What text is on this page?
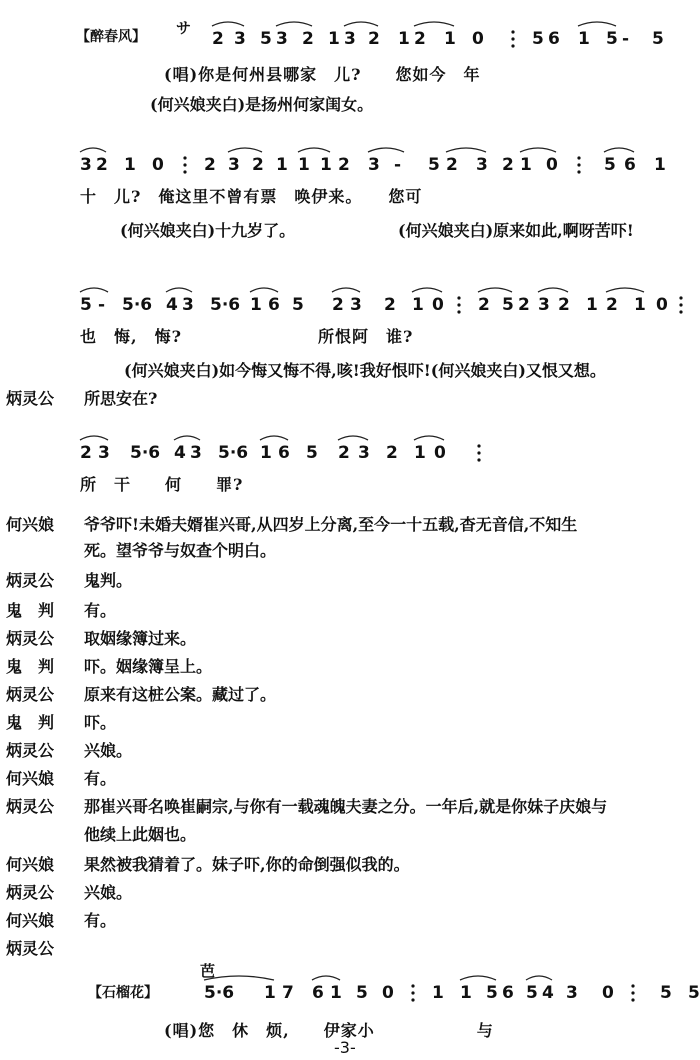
【醉春风】 サ
2 3 5 3 2 1 3 2 1 2 1 0	5 6 1 5 - 5
(唱)你是何州县哪家　儿?　　您如今　年
(何兴娘夹白)是扬州何家闺女。
3 2 1 0 2 3 2 1 1 1 2 3 - 5 2 3 2 1 0	5 6 1
十　儿?　俺这里不曾有票　唤伊来。　　您可
(何兴娘夹白)十九岁了。	(何兴娘夹白)原来如此,啊呀苦吓!
5 - 5·6 4 3 5·6 1 6 5 2 3 2 1 0 2 5 2 3 2 1 2 1 0
也　悔,　悔?　　　　　　　　所恨阿　谁?
(何兴娘夹白)如今悔又悔不得,咳!我好恨吓!(何兴娘夹白)又恨又想。
炳灵公	所思安在?
2 3 5·6 4 3 5·6 1 6 5 2 3 2 1 0
所　干　　何　　罪?
何兴娘	爷爷吓!未婚夫婿崔兴哥,从四岁上分离,至今一十五载,杳无音信,不知生
死。望爷爷与奴查个明白。
炳灵公	鬼判。
鬼　判	有。
炳灵公	取姻缘簿过来。
鬼　判	吓。姻缘簿呈上。
炳灵公	原来有这桩公案。藏过了。
鬼　判	吓。
炳灵公	兴娘。
何兴娘	有。
炳灵公	那崔兴哥名唤崔嗣宗,与你有一载魂魄夫妻之分。一年后,就是你妹子庆娘与
他续上此姻也。
何兴娘	果然被我猜着了。妹子吓,你的命倒强似我的。
炳灵公	兴娘。
何兴娘	有。
炳灵公
【石榴花】
芭
5·6 1 7 6 1 5 0 1 1 5 6 5 4 3 0	5 5
(唱)您　休　烦,　　伊家小　　　　　　与
-3-
